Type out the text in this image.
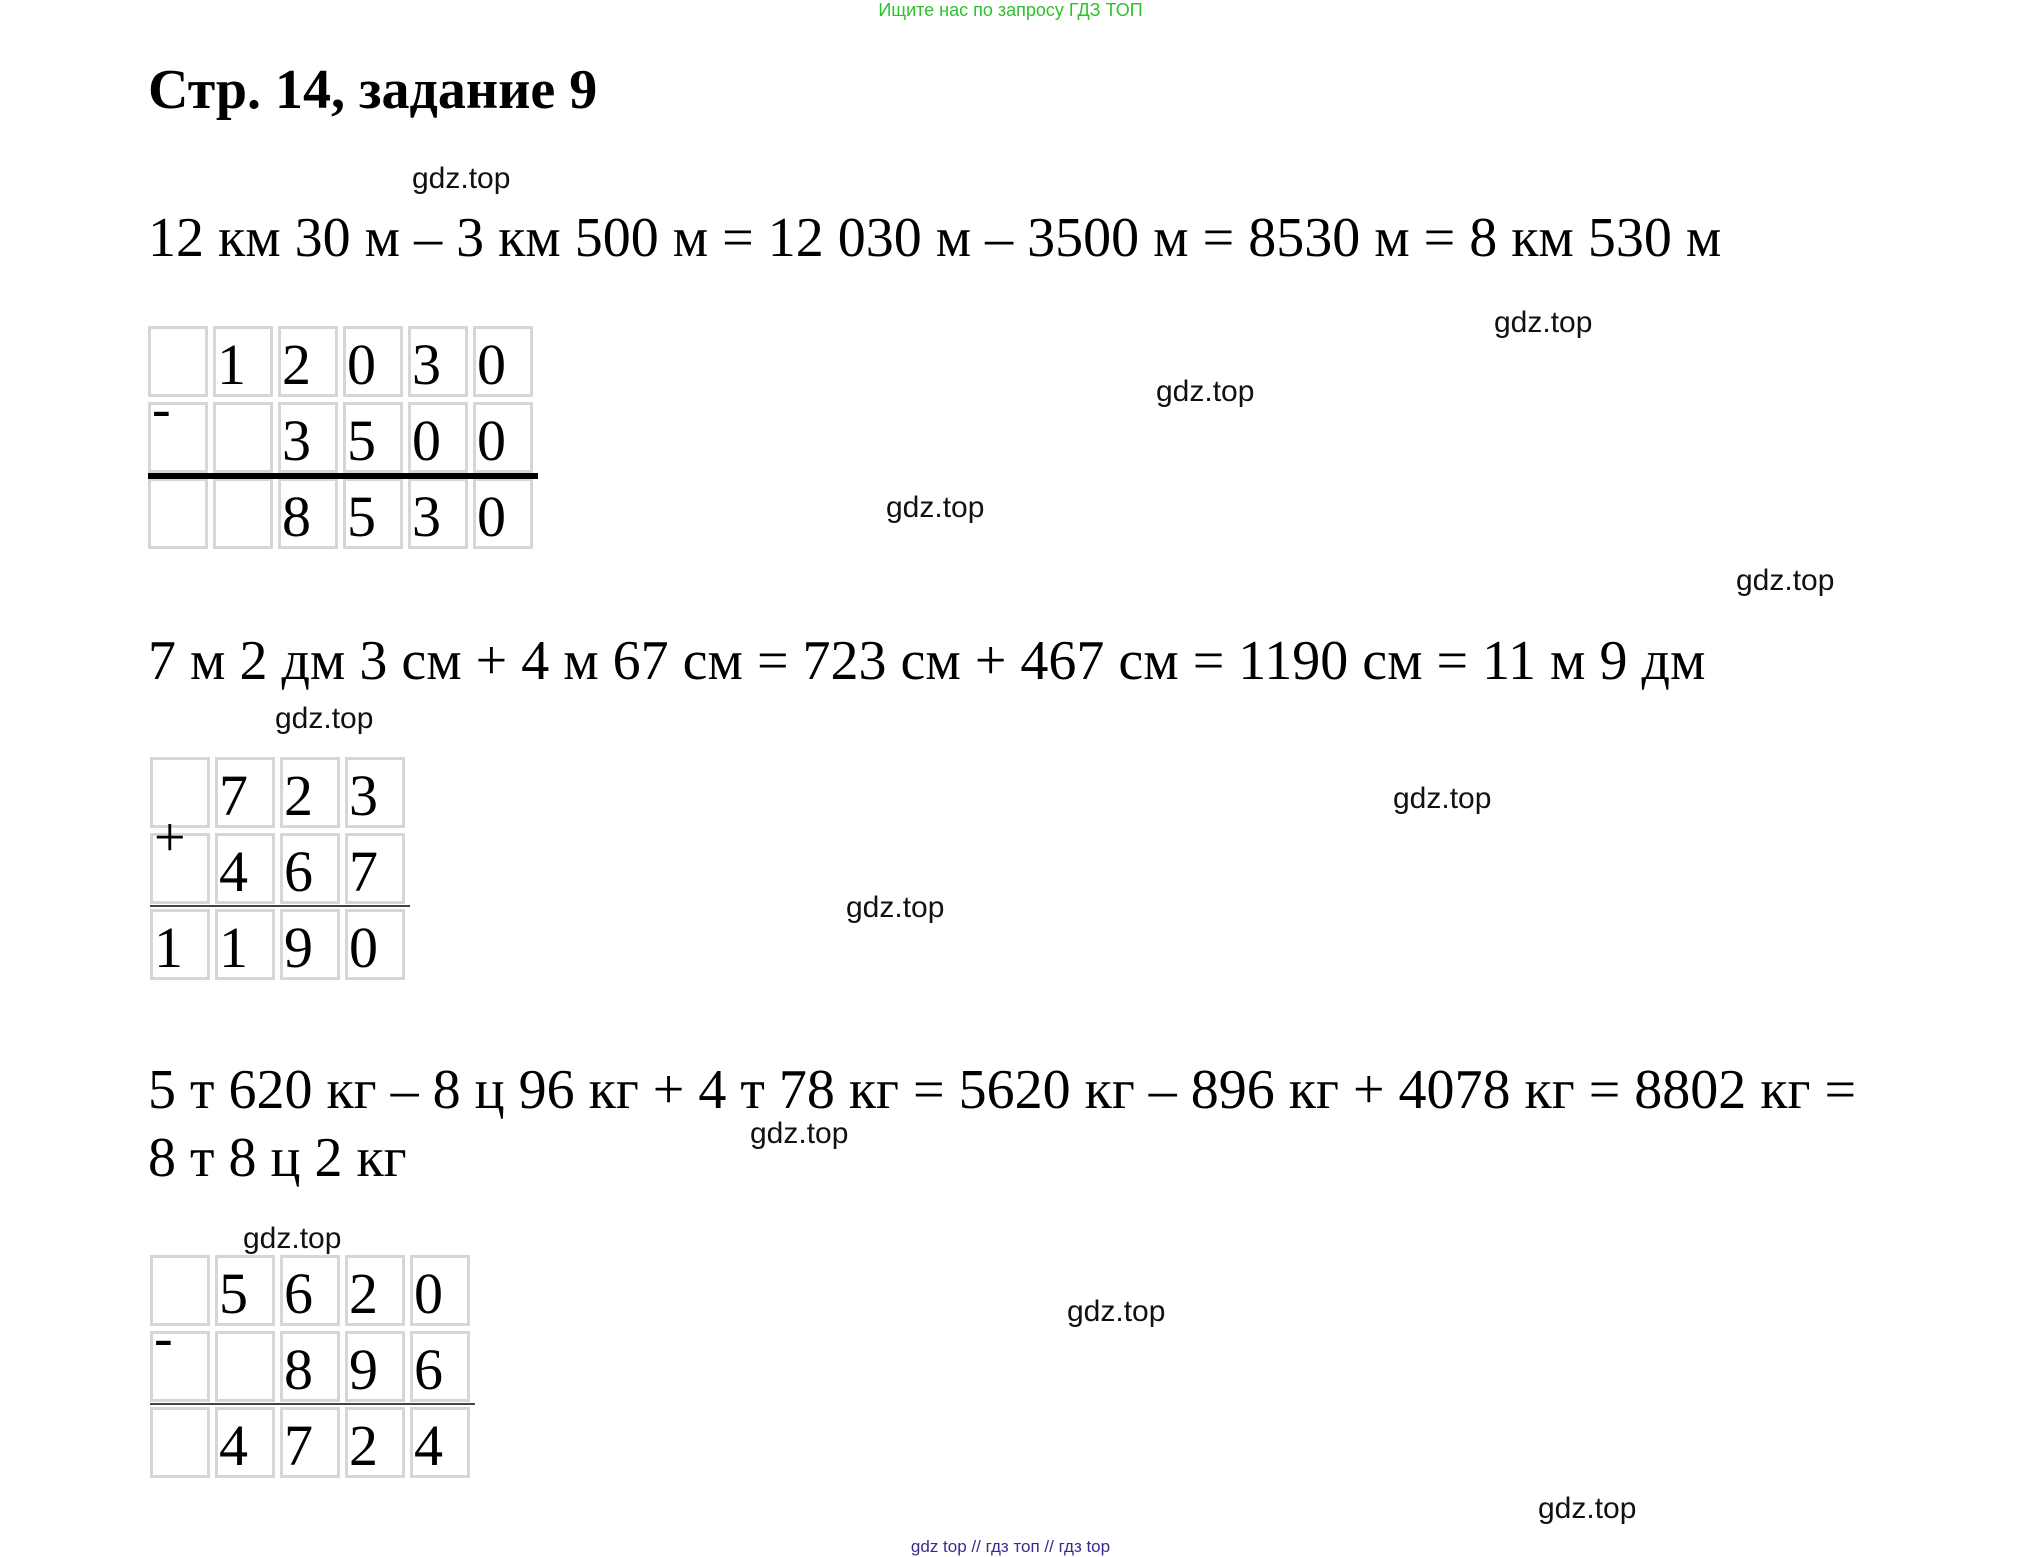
Ищите нас по запросу ГДЗ ТОП
Стр. 14, задание 9
12 км 30 м – 3 км 500 м = 12 030 м – 3500 м = 8530 м = 8 км 530 м
1 2 0 3 0
3 5 0 0
8 5 3 0
-
7 м 2 дм 3 см + 4 м 67 см = 723 см + 467 см = 1190 см = 11 м 9 дм
7 2 3
4 6 7
1 1 9 0
+
5 т 620 кг – 8 ц 96 кг + 4 т 78 кг = 5620 кг – 896 кг + 4078 кг = 8802 кг =
8 т 8 ц 2 кг
5 6 2 0
8 9 6
4 7 2 4
-
gdz.top
gdz.top
gdz.top
gdz.top
gdz.top
gdz.top
gdz.top
gdz.top
gdz.top
gdz.top
gdz.top
gdz.top
gdz top // гдз топ // гдз top
